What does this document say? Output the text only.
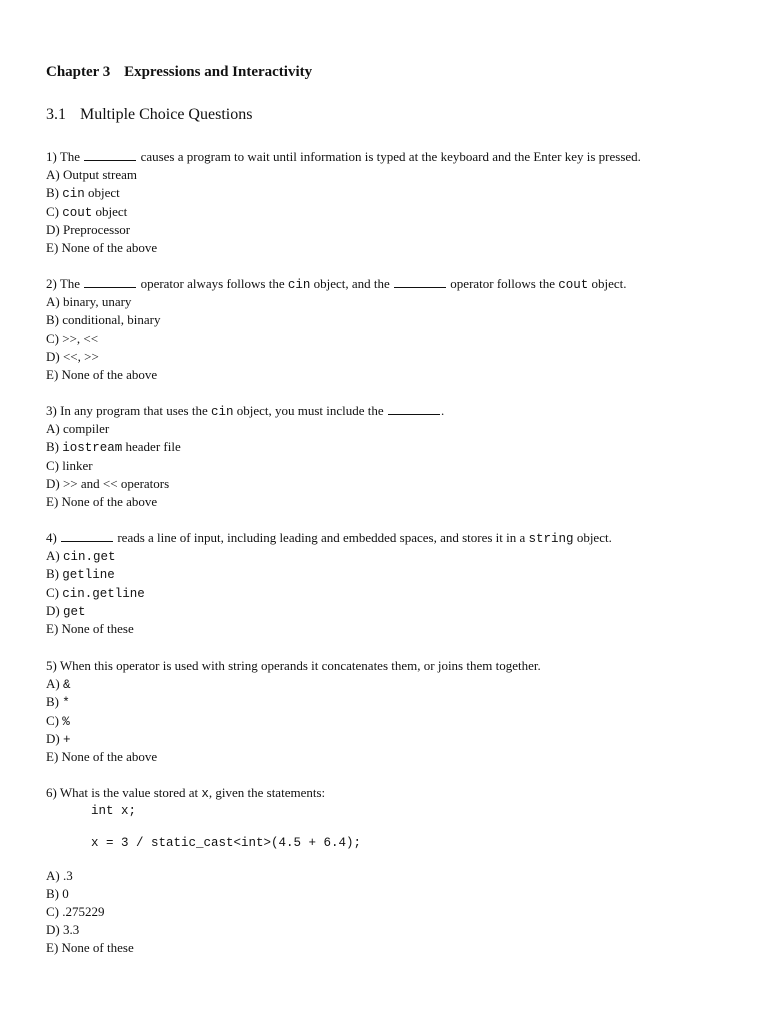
Chapter 3 Expressions and Interactivity
3.1 Multiple Choice Questions
1) The	causes a program to wait until information is typed at the keyboard and the Enter key is pressed.
A) Output stream
B) cin object
C) cout object
D) Preprocessor
E) None of the above
2) The	operator always follows the cin object, and the	operator follows the cout object.
A) binary, unary
B) conditional, binary
C) >>, <<
D) <<, >>
E) None of the above
3) In any program that uses the cin object, you must include the	.
A) compiler
B) iostream header file
C) linker
D) >> and << operators
E) None of the above
4)	reads a line of input, including leading and embedded spaces, and stores it in a string object.
A) cin.get
B) getline
C) cin.getline
D) get
E) None of these
5) When this operator is used with string operands it concatenates them, or joins them together.
A) &
B) *
C) %
D) +
E) None of the above
6) What is the value stored at x, given the statements:
int x;
x = 3 / static_cast<int>(4.5 + 6.4);
A) .3
B) 0
C) .275229
D) 3.3
E) None of these
